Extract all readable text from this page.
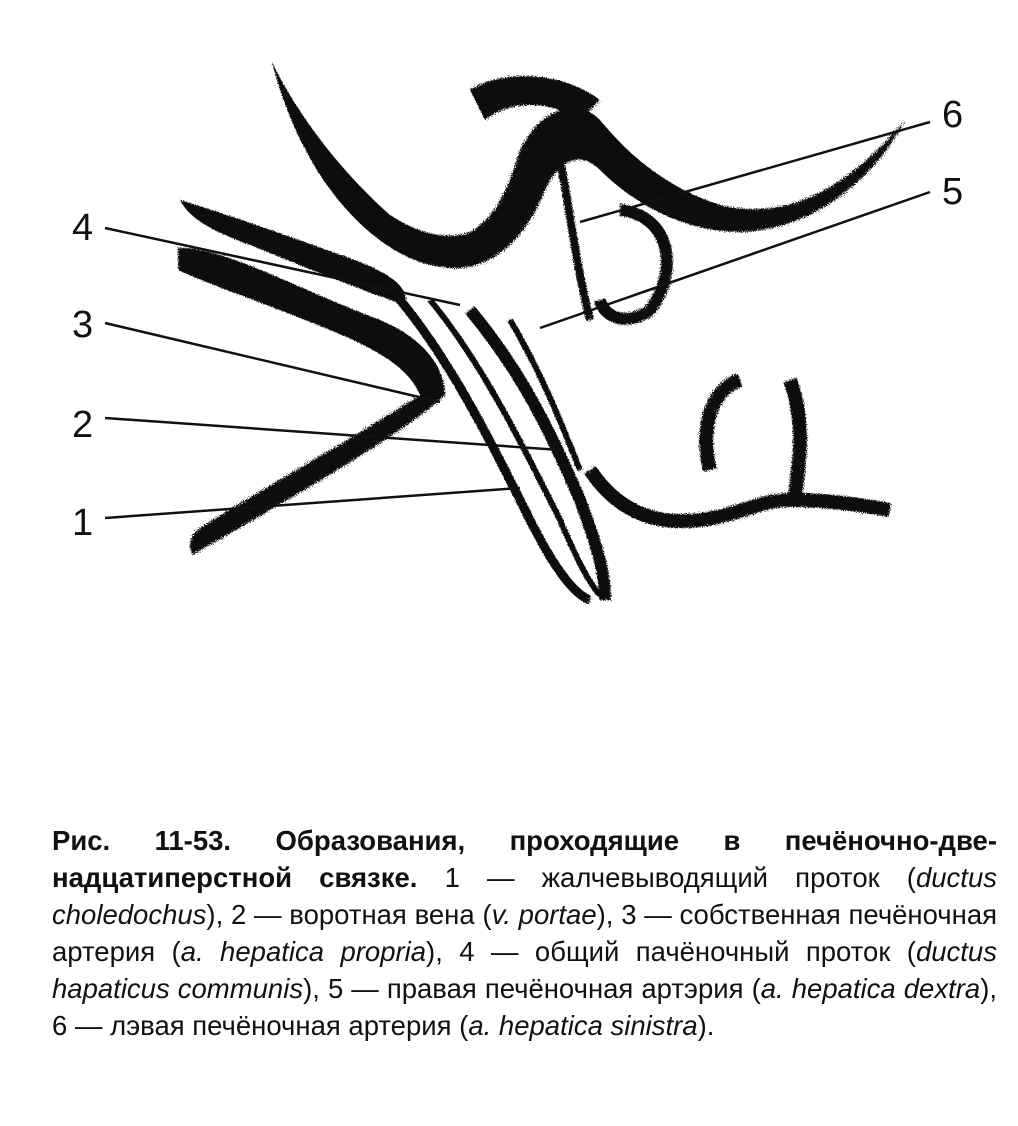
1
2
3
4
5
6
Рис. 11-53. Образования, проходящие в печёночно-две-надцатиперстной связке. 1 — жалчевыводящий проток (ductus choledochus), 2 — воротная вена (v. portae), 3 — собственная печёночная артерия (a. hepatica propria), 4 — общий пачёночный проток (ductus hapaticus communis), 5 — правая печёночная артэрия (a. hepatica dextra), 6 — лэвая печёночная артерия (a. hepatica sinistra).
